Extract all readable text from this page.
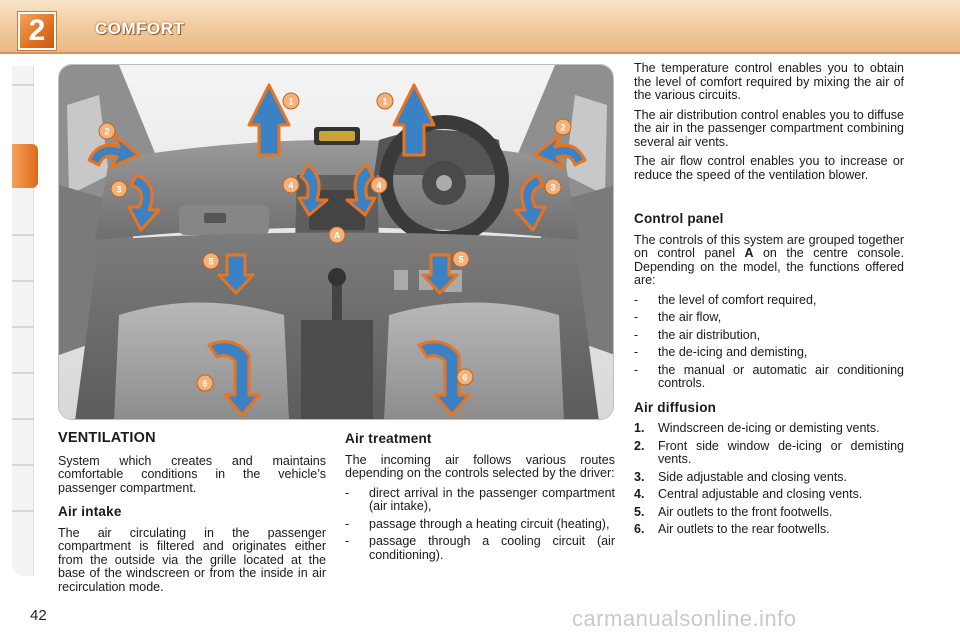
2	COMFORT
1	1
2	2
3	3
4	4
A
5	5
6
6
VENTILATION

System which creates and maintains comfortable conditions in the vehicle’s passenger compartment.

Air intake

The air circulating in the passenger compartment is filtered and originates either from the outside via the grille located at the base of the windscreen or from the inside in air recirculation mode.

Air treatment

The incoming air follows various routes depending on the controls selected by the driver:

- direct arrival in the passenger compartment (air intake),
- passage through a heating circuit (heating),
- passage through a cooling circuit (air conditioning).

The temperature control enables you to obtain the level of comfort required by mixing the air of the various circuits.

The air distribution control enables you to diffuse the air in the passenger compartment combining several air vents.

The air flow control enables you to increase or reduce the speed of the ventilation blower.

Control panel

The controls of this system are grouped together on control panel A on the centre console. Depending on the model, the functions offered are:

- the level of comfort required,
- the air flow,
- the air distribution,
- the de-icing and demisting,
- the manual or automatic air conditioning controls.
Air diffusion
1. Windscreen de-icing or demisting vents.
2. Front side window de-icing or demisting vents.
3. Side adjustable and closing vents.
4. Central adjustable and closing vents.
5. Air outlets to the front footwells.
6. Air outlets to the rear footwells.
42	carmanualsonline.info
